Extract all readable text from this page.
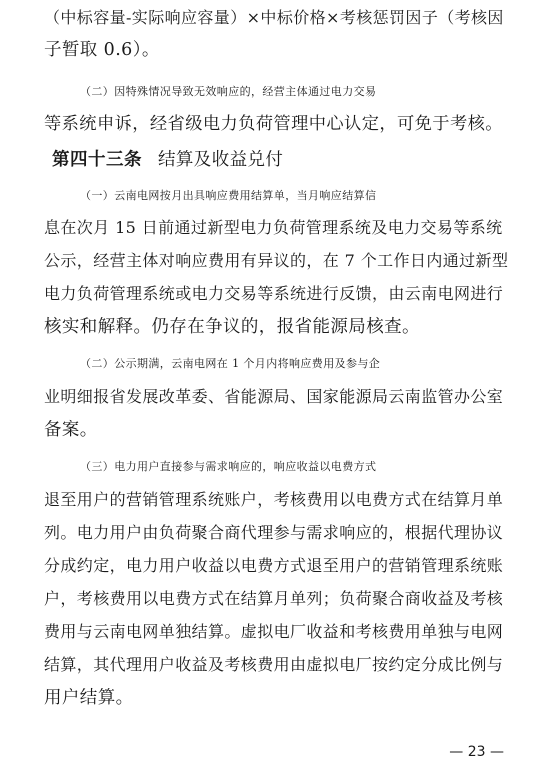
（中标容量-实际响应容量）×中标价格×考核惩罚因子（考核因
子暂取 0.6）。
（二）因特殊情况导致无效响应的，经营主体通过电力交易
等系统申诉，经省级电力负荷管理中心认定，可免于考核。
第四十三条 结算及收益兑付
（一）云南电网按月出具响应费用结算单，当月响应结算信
息在次月 15 日前通过新型电力负荷管理系统及电力交易等系统
公示，经营主体对响应费用有异议的，在 7 个工作日内通过新型
电力负荷管理系统或电力交易等系统进行反馈，由云南电网进行
核实和解释。仍存在争议的，报省能源局核查。
（二）公示期满，云南电网在 1 个月内将响应费用及参与企
业明细报省发展改革委、省能源局、国家能源局云南监管办公室
备案。
（三）电力用户直接参与需求响应的，响应收益以电费方式
退至用户的营销管理系统账户，考核费用以电费方式在结算月单
列。电力用户由负荷聚合商代理参与需求响应的，根据代理协议
分成约定，电力用户收益以电费方式退至用户的营销管理系统账
户，考核费用以电费方式在结算月单列；负荷聚合商收益及考核
费用与云南电网单独结算。虚拟电厂收益和考核费用单独与电网
结算，其代理用户收益及考核费用由虚拟电厂按约定分成比例与
用户结算。
— 23 —
